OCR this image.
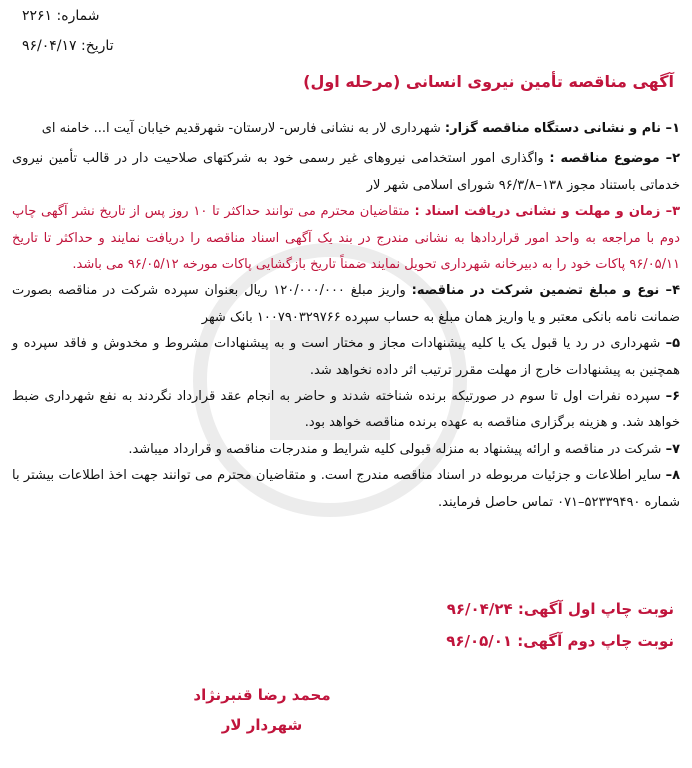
شماره: ۲۲۶۱
تاریخ: ۹۶/۰۴/۱۷
آگهی مناقصه تأمین نیروی انسانی (مرحله اول)

۱– نام و نشانی دستگاه مناقصه گزار: شهرداری لار به نشانی فارس- لارستان- شهرقدیم خیابان آیت ا... خامنه ای

۲– موضوع مناقصه : واگذاری امور استخدامی نیروهای غیر رسمی خود به شرکتهای صلاحیت دار در قالب تأمین نیروی خدماتی باستناد مجوز ۱۳۸–۹۶/۳/۸ شورای اسلامی شهر لار

۳– زمان و مهلت و نشانی دریافت اسناد : متقاضیان محترم می توانند حداکثر تا ۱۰ روز پس از تاریخ نشر آگهی چاپ دوم با مراجعه به واحد امور قراردادها به نشانی مندرج در بند یک آگهی اسناد مناقصه را دریافت نمایند و حداکثر تا تاریخ ۹۶/۰۵/۱۱ پاکات خود را به دبیرخانه شهرداری تحویل نمایند ضمناً تاریخ بازگشایی پاکات مورخه ۹۶/۰۵/۱۲ می باشد.

۴– نوع و مبلغ تضمین شرکت در مناقصه: واریز مبلغ ۱۲۰/۰۰۰/۰۰۰ ریال بعنوان سپرده شرکت در مناقصه بصورت ضمانت نامه بانکی معتبر و یا واریز همان مبلغ به حساب سپرده ۱۰۰۷۹۰۳۲۹۷۶۶ بانک شهر

۵– شهرداری در رد یا قبول یک یا کلیه پیشنهادات مجاز و مختار است و به پیشنهادات مشروط و مخدوش و فاقد سپرده و همچنین به پیشنهادات خارج از مهلت مقرر ترتیب اثر داده نخواهد شد.

۶– سپرده نفرات اول تا سوم در صورتیکه برنده شناخته شدند و حاضر به انجام عقد قرارداد نگردند به نفع شهرداری ضبط خواهد شد. و هزینه برگزاری مناقصه به عهده برنده مناقصه خواهد بود.

۷– شرکت در مناقصه و ارائه پیشنهاد به منزله قبولی کلیه شرایط و مندرجات مناقصه و قرارداد میباشد.

۸– سایر اطلاعات و جزئیات مربوطه در اسناد مناقصه مندرج است. و متقاضیان محترم می توانند جهت اخذ اطلاعات بیشتر با شماره ۵۲۳۳۹۴۹۰–۰۷۱ تماس حاصل فرمایند.

نوبت چاپ اول آگهی: ۹۶/۰۴/۲۴
نوبت چاپ دوم آگهی: ۹۶/۰۵/۰۱
محمد رضا قنبرنژاد
شهردار لار
